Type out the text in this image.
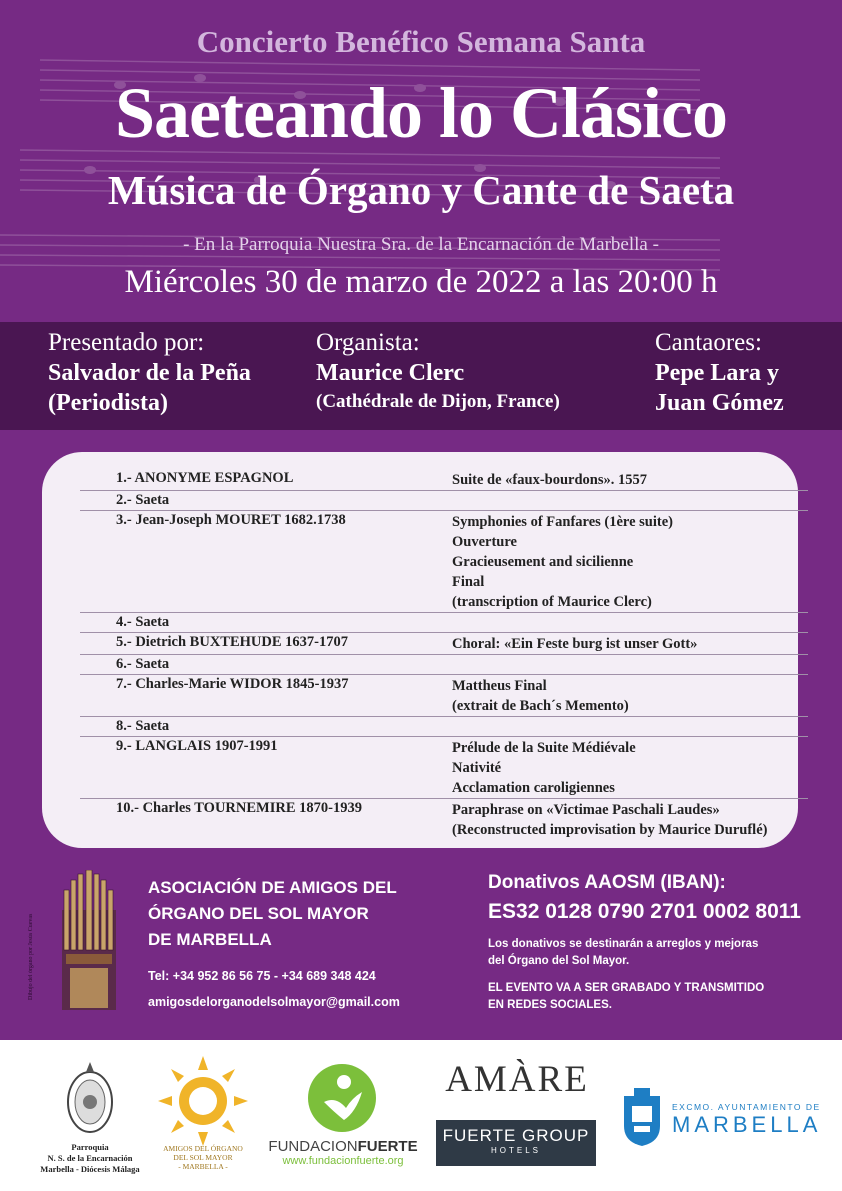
Concierto Benéfico Semana Santa
Saeteando lo Clásico
Música de Órgano y Cante de Saeta
- En la Parroquia Nuestra Sra. de la Encarnación de Marbella -
Miércoles 30 de marzo de 2022 a las 20:00 h
Presentado por:
Salvador de la Peña
(Periodista)
Organista:
Maurice Clerc
(Cathédrale de Dijon, France)
Cantaores:
Pepe Lara y
Juan Gómez
1.- ANONYME ESPAGNOL	Suite de «faux-bourdons». 1557
2.- Saeta
3.- Jean-Joseph MOURET 1682.1738	Symphonies of Fanfares (1ère suite)
Ouverture
Gracieusement and sicilienne
Final
(transcription of Maurice Clerc)
4.- Saeta
5.- Dietrich BUXTEHUDE 1637-1707	Choral: «Ein Feste burg ist unser Gott»
6.- Saeta
7.- Charles-Marie WIDOR 1845-1937	Mattheus Final
(extrait de Bach´s Memento)
8.- Saeta
9.- LANGLAIS 1907-1991	Prélude de la Suite Médiévale
Nativité
Acclamation caroligiennes
10.- Charles TOURNEMIRE 1870-1939	Paraphrase on «Victimae Paschali Laudes»
(Reconstructed improvisation by Maurice Duruflé)
Dibujo del órgano por Jesús Cuevas
ASOCIACIÓN DE AMIGOS DEL
ÓRGANO DEL SOL MAYOR
DE MARBELLA
Tel: +34 952 86 56 75 - +34 689 348 424
amigosdelorganodelsolmayor@gmail.com
Donativos AAOSM (IBAN):
ES32 0128 0790 2701 0002 8011
Los donativos se destinarán a arreglos y mejoras
del Órgano del Sol Mayor.
EL EVENTO VA A SER GRABADO Y TRANSMITIDO
EN REDES SOCIALES.
Parroquia
N. S. de la Encarnación
Marbella - Diócesis Málaga
AMIGOS DEL ÓRGANO
DEL SOL MAYOR
- MARBELLA -
FUNDACIONFUERTE
www.fundacionfuerte.org
AMÀRE
FUERTE GROUP
HOTELS
EXCMO. AYUNTAMIENTO DE
MARBELLA
